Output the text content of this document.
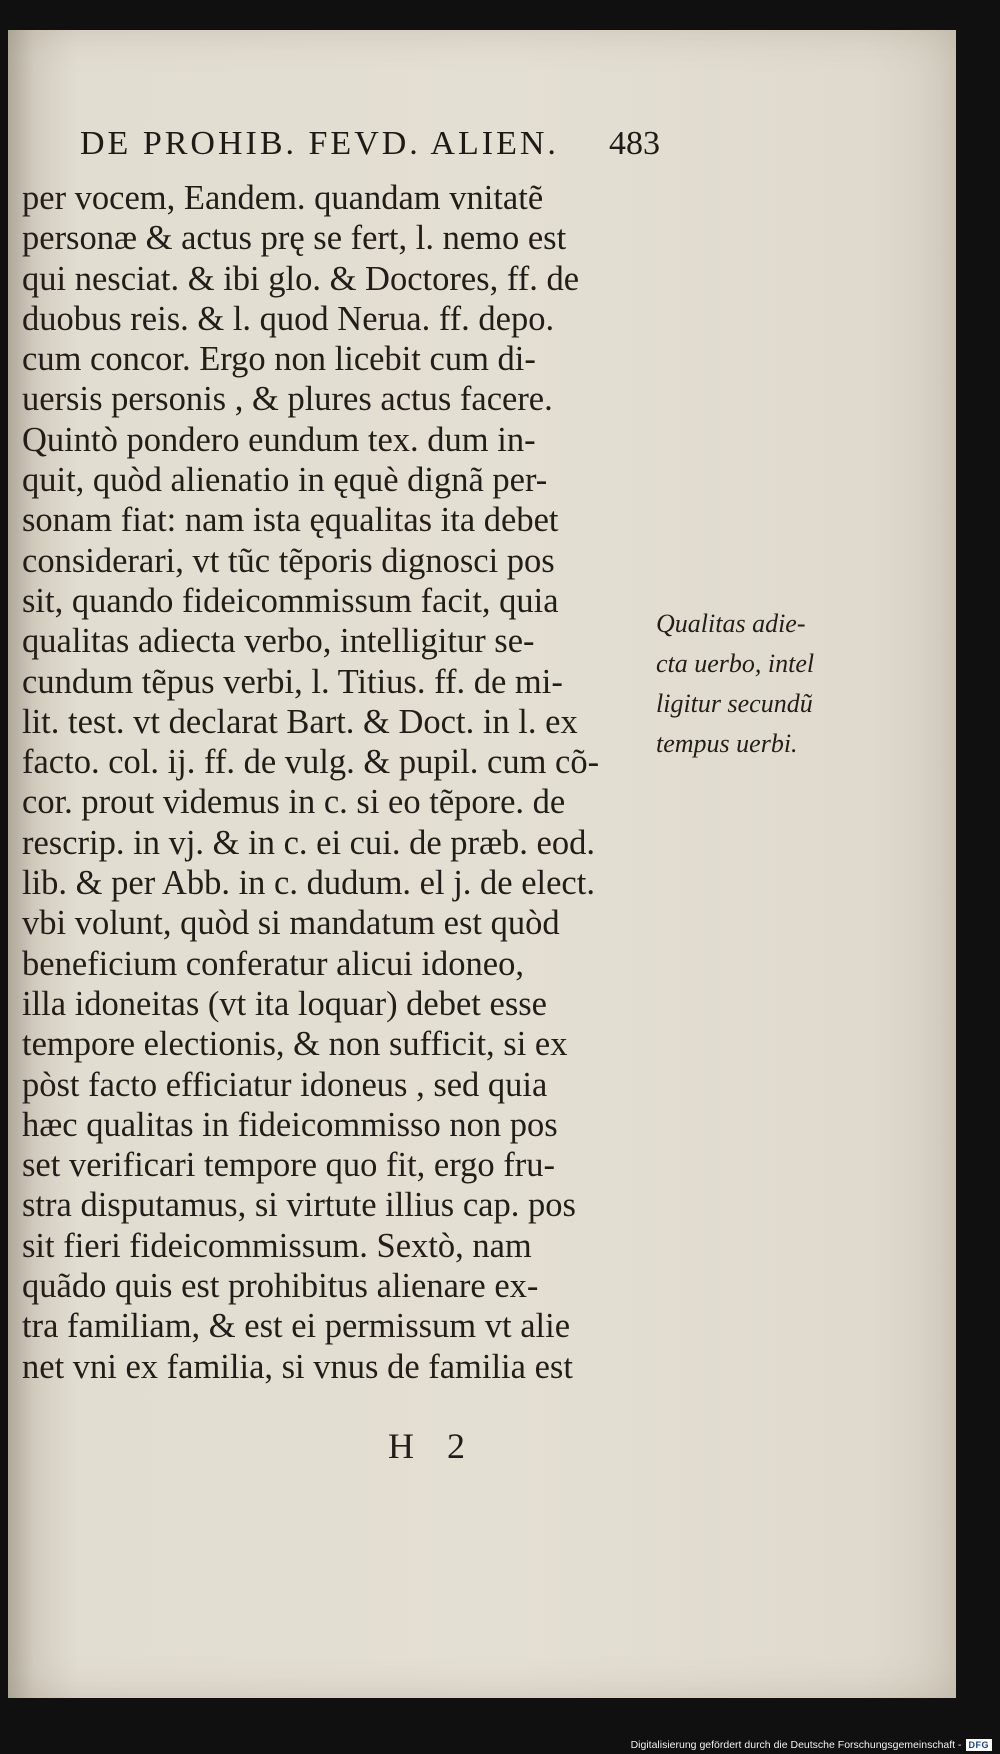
DE PROHIB. FEVD. ALIEN. 483
per vocem, Eandem. quandam vnitatẽ
personæ & actus prę se fert, l. nemo est
qui nesciat. & ibi glo. & Doctores, ff. de
duobus reis. & l. quod Nerua. ff. depo.
cum concor. Ergo non licebit cum di-
uersis personis , & plures actus facere.
Quintò pondero eundum tex. dum in-
quit, quòd alienatio in ęquè dignã per-
sonam fiat: nam ista ęqualitas ita debet
considerari, vt tũc tẽporis dignosci pos
sit, quando fideicommissum facit, quia
qualitas adiecta verbo, intelligitur se-
cundum tẽpus verbi, l. Titius. ff. de mi-
lit. test. vt declarat Bart. & Doct. in l. ex
facto. col. ij. ff. de vulg. & pupil. cum cõ-
cor. prout videmus in c. si eo tẽpore. de
rescrip. in vj. & in c. ei cui. de præb. eod.
lib. & per Abb. in c. dudum. el j. de elect.
vbi volunt, quòd si mandatum est quòd
beneficium conferatur alicui idoneo,
illa idoneitas (vt ita loquar) debet esse
tempore electionis, & non sufficit, si ex
pòst facto efficiatur idoneus , sed quia
hæc qualitas in fideicommisso non pos
set verificari tempore quo fit, ergo fru-
stra disputamus, si virtute illius cap. pos
sit fieri fideicommissum. Sextò, nam
quãdo quis est prohibitus alienare ex-
tra familiam, & est ei permissum vt alie
net vni ex familia, si vnus de familia est
Qualitas adie-
cta uerbo, intel
ligitur secundũ
tempus uerbi.
H 2
Digitalisierung gefördert durch die Deutsche Forschungsgemeinschaft - DFG
